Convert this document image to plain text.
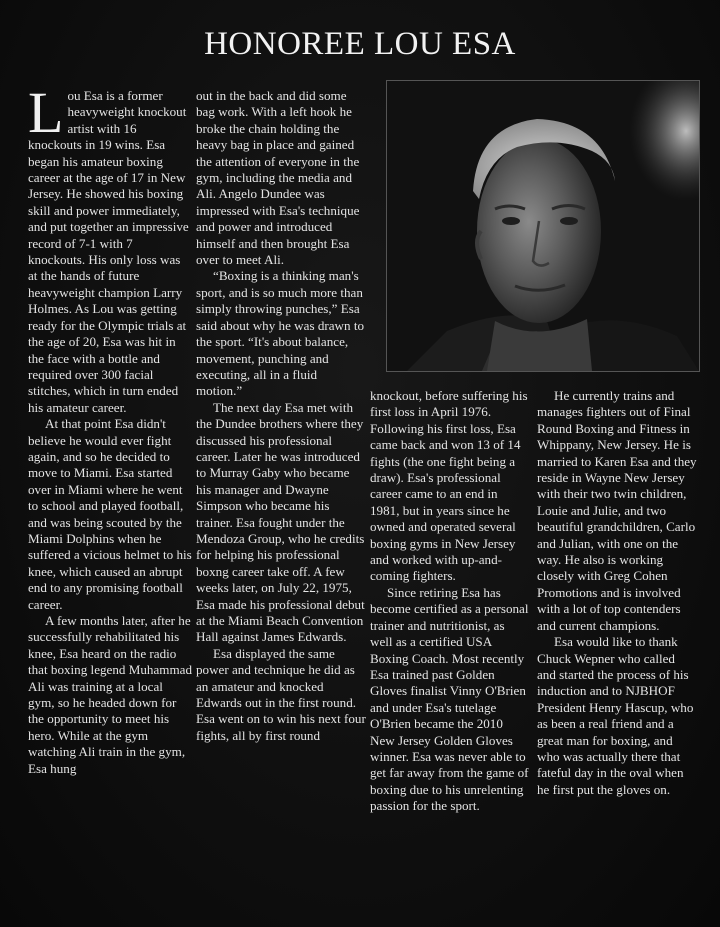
HONOREE LOU ESA

Lou Esa is a former heavyweight knockout artist with 16 knockouts in 19 wins. Esa began his amateur boxing career at the age of 17 in New Jersey. He showed his boxing skill and power immediately, and put together an impressive record of 7-1 with 7 knockouts. His only loss was at the hands of future heavyweight champion Larry Holmes. As Lou was getting ready for the Olympic trials at the age of 20, Esa was hit in the face with a bottle and required over 300 facial stitches, which in turn ended his amateur career.

At that point Esa didn't believe he would ever fight again, and so he decided to move to Miami. Esa started over in Miami where he went to school and played football, and was being scouted by the Miami Dolphins when he suffered a vicious helmet to his knee, which caused an abrupt end to any promising football career.

A few months later, after he successfully rehabilitated his knee, Esa heard on the radio that boxing legend Muhammad Ali was training at a local gym, so he headed down for the opportunity to meet his hero. While at the gym watching Ali train in the gym, Esa hung

out in the back and did some bag work. With a left hook he broke the chain holding the heavy bag in place and gained the attention of everyone in the gym, including the media and Ali. Angelo Dundee was impressed with Esa's technique and power and introduced himself and then brought Esa over to meet Ali.

“Boxing is a thinking man's sport, and is so much more than simply throwing punches,” Esa said about why he was drawn to the sport. “It's about balance, movement, punching and executing, all in a fluid motion.”

The next day Esa met with the Dundee brothers where they discussed his professional career. Later he was introduced to Murray Gaby who became his manager and Dwayne Simpson who became his trainer. Esa fought under the Mendoza Group, who he credits for helping his professional boxng career take off. A few weeks later, on July 22, 1975, Esa made his professional debut at the Miami Beach Convention Hall against James Edwards.

Esa displayed the same power and technique he did as an amateur and knocked Edwards out in the first round. Esa went on to win his next four fights, all by first round

knockout, before suffering his first loss in April 1976. Following his first loss, Esa came back and won 13 of 14 fights (the one fight being a draw). Esa's professional career came to an end in 1981, but in years since he owned and operated several boxing gyms in New Jersey and worked with up-and-coming fighters.

Since retiring Esa has become certified as a personal trainer and nutritionist, as well as a certified USA Boxing Coach. Most recently Esa trained past Golden Gloves finalist Vinny O'Brien and under Esa's tutelage O'Brien became the 2010 New Jersey Golden Gloves winner. Esa was never able to get far away from the game of boxing due to his unrelenting passion for the sport.

He currently trains and manages fighters out of Final Round Boxing and Fitness in Whippany, New Jersey. He is married to Karen Esa and they reside in Wayne New Jersey with their two twin children, Louie and Julie, and two beautiful grandchildren, Carlo and Julian, with one on the way. He also is working closely with Greg Cohen Promotions and is involved with a lot of top contenders and current champions.

Esa would like to thank Chuck Wepner who called and started the process of his induction and to NJBHOF President Henry Hascup, who as been a real friend and a great man for boxing, and who was actually there that fateful day in the oval when he first put the gloves on.
